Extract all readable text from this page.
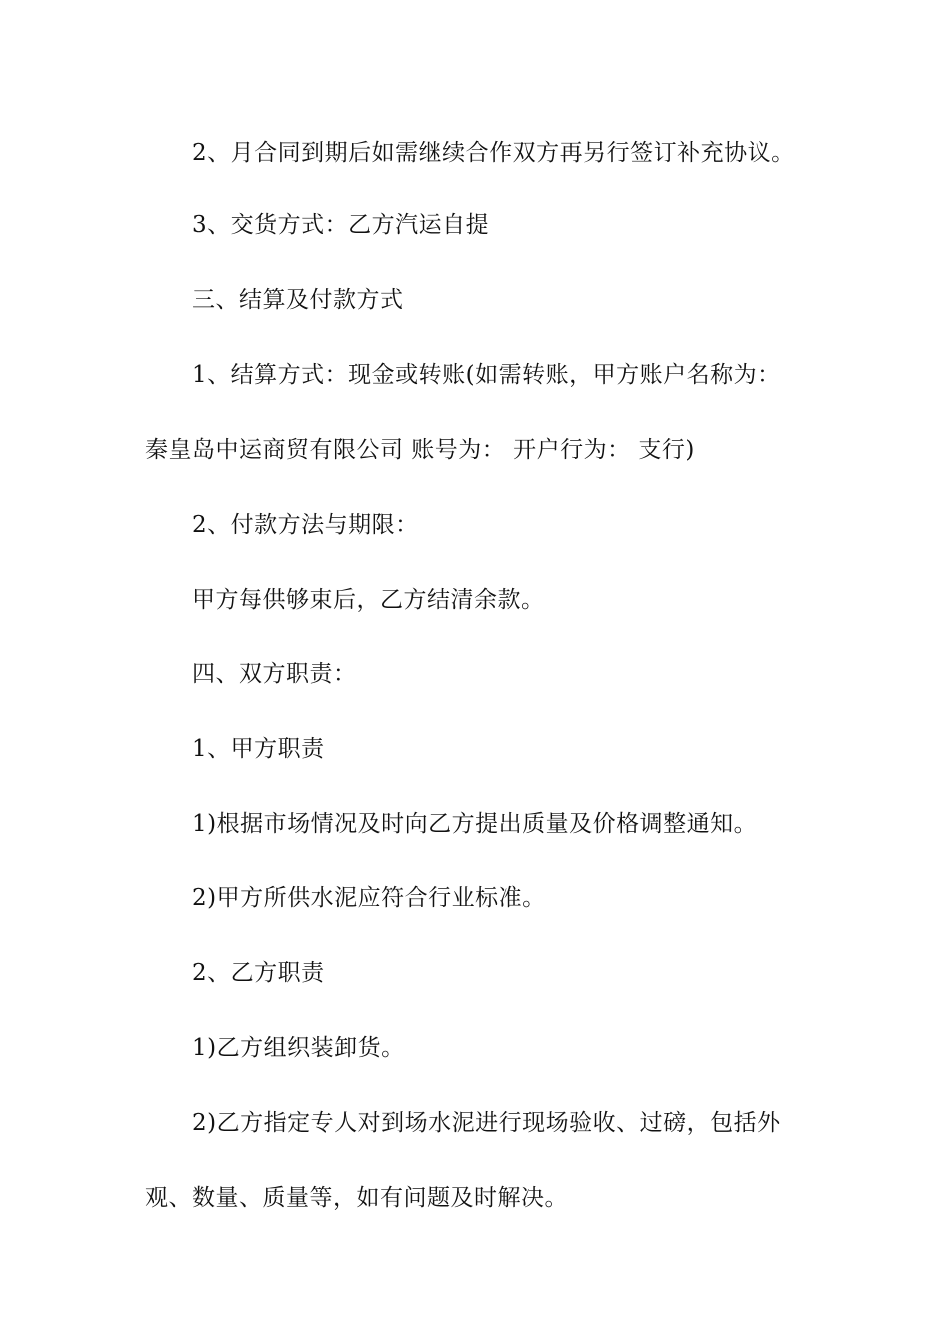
2、月合同到期后如需继续合作双方再另行签订补充协议。
3、交货方式：乙方汽运自提
三、结算及付款方式
1、结算方式：现金或转账(如需转账，甲方账户名称为：
秦皇岛中运商贸有限公司 账号为： 开户行为： 支行)
2、付款方法与期限：
甲方每供够束后，乙方结清余款。
四、双方职责：
1、甲方职责
1)根据市场情况及时向乙方提出质量及价格调整通知。
2)甲方所供水泥应符合行业标准。
2、乙方职责
1)乙方组织装卸货。
2)乙方指定专人对到场水泥进行现场验收、过磅，包括外
观、数量、质量等，如有问题及时解决。
